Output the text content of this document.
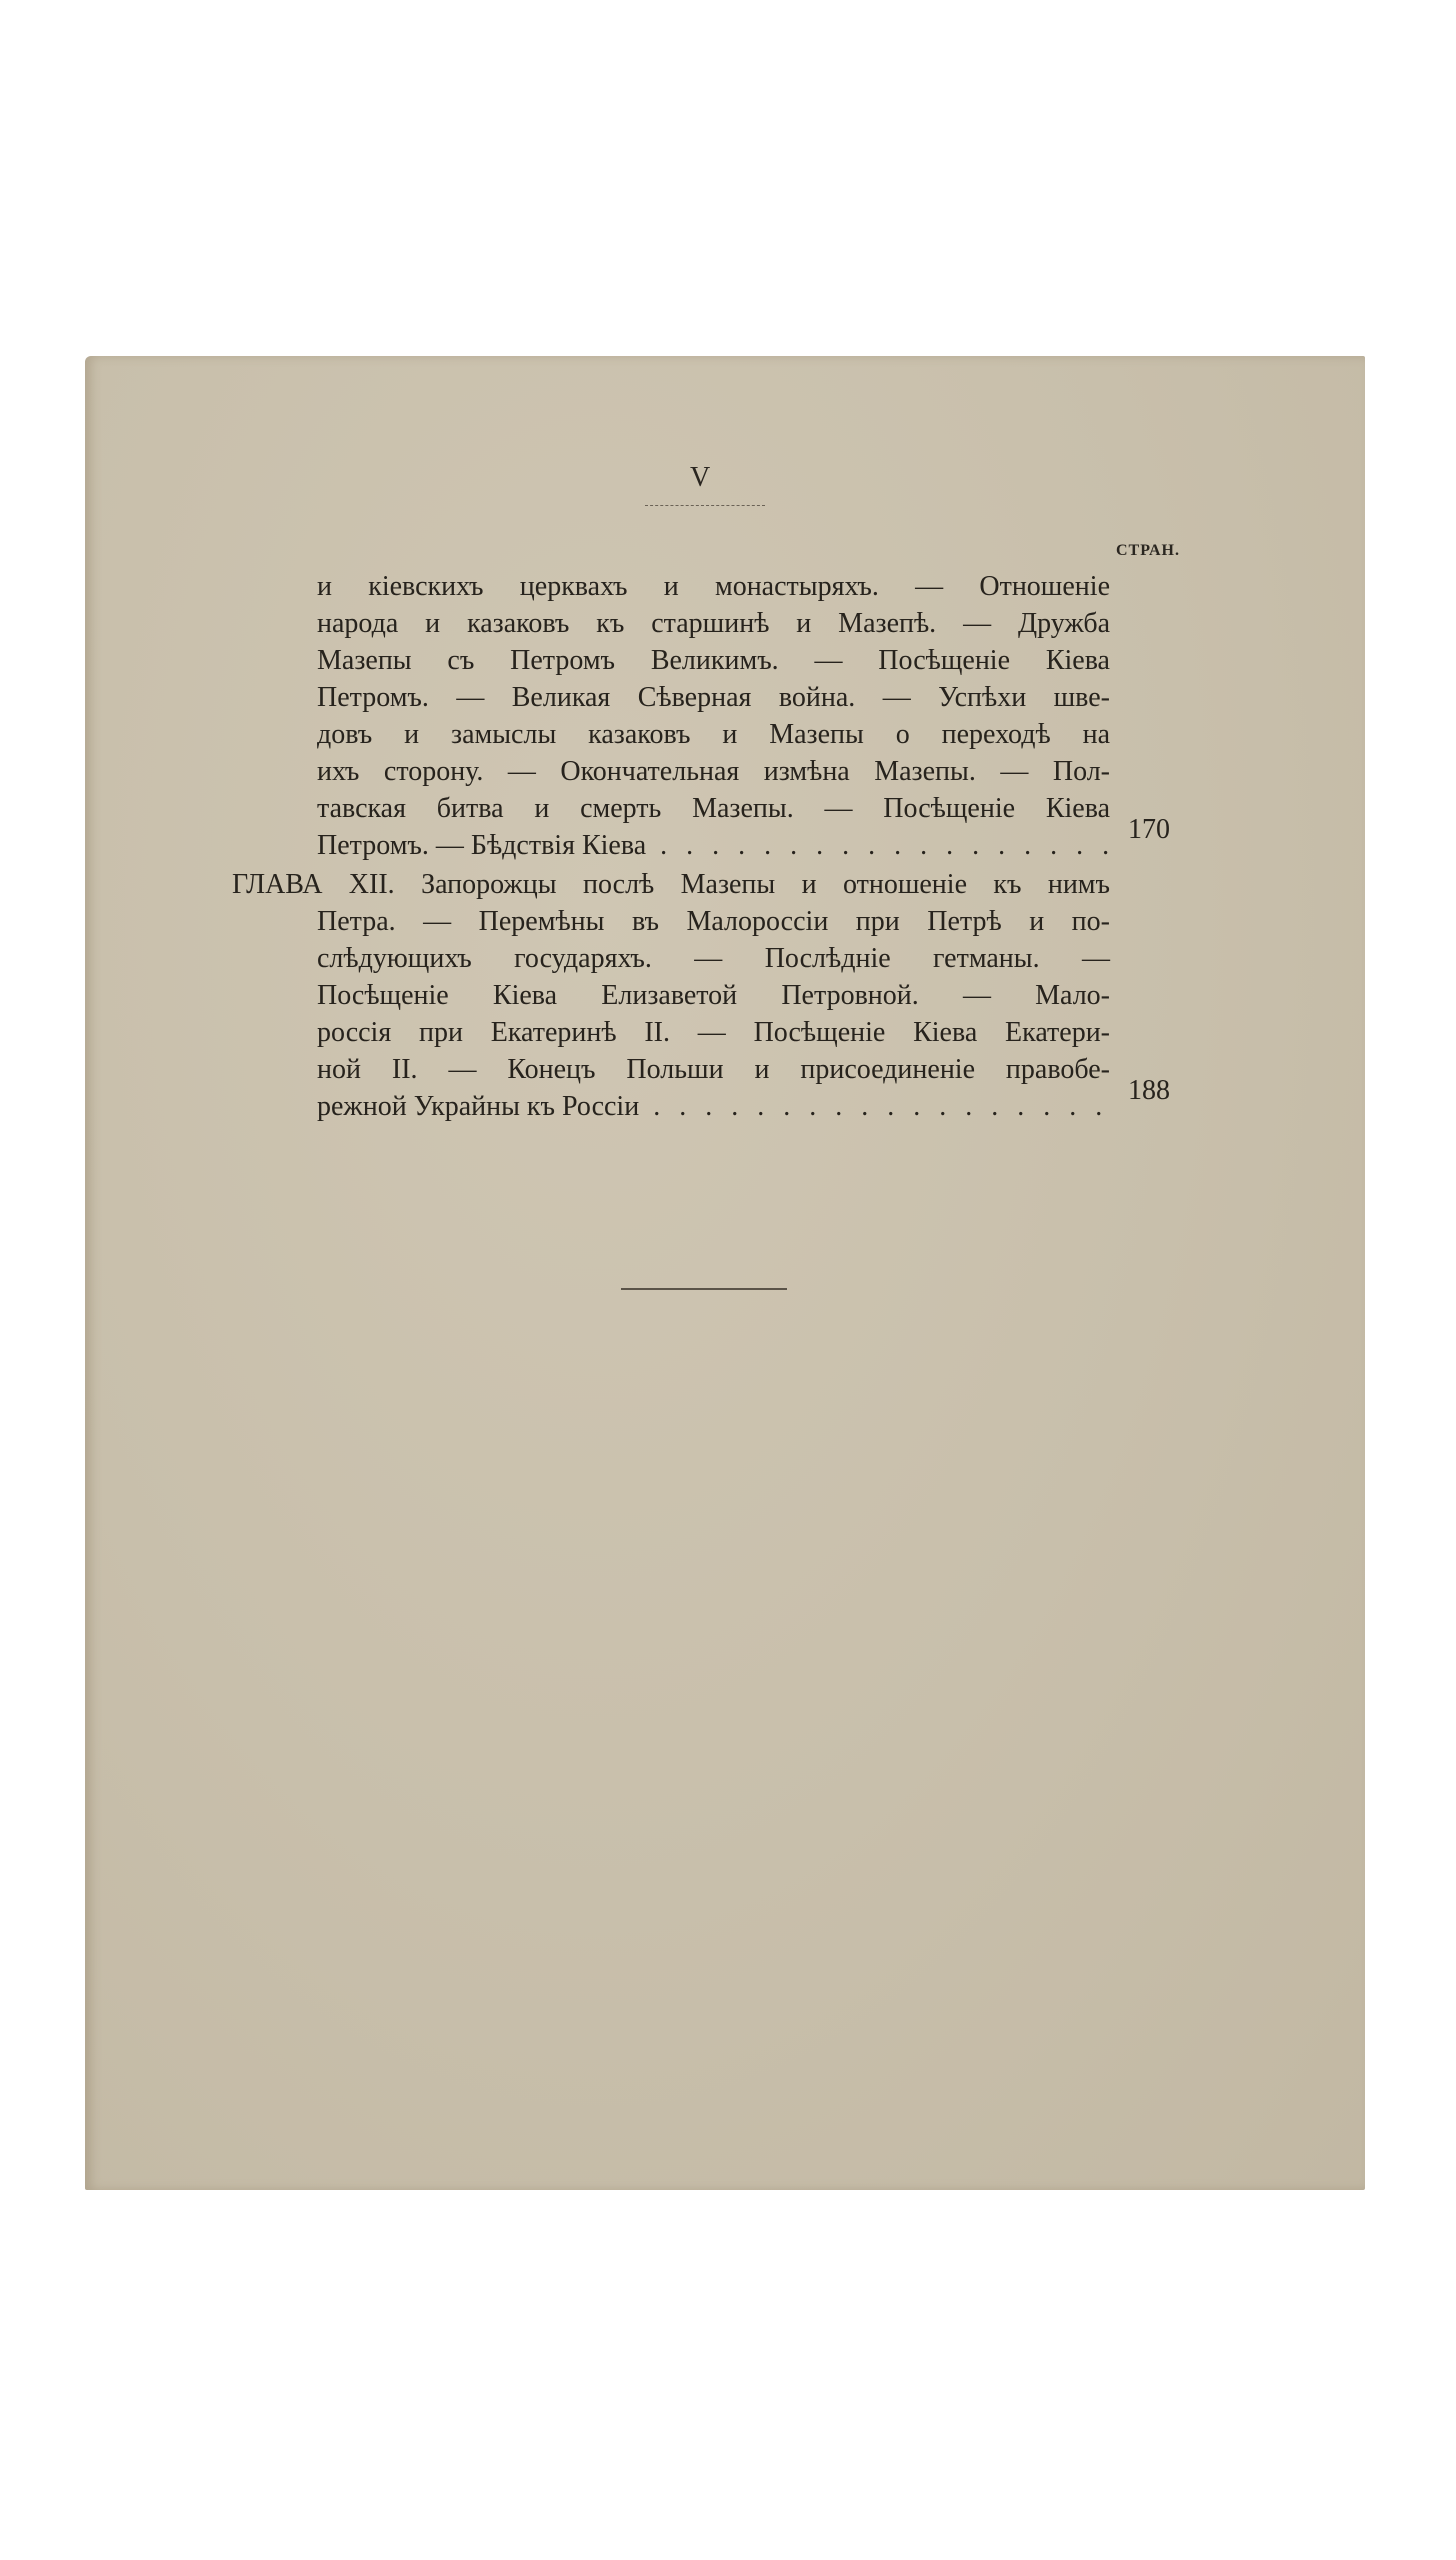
V
СТРАН.
и кіевскихъ церквахъ и монастыряхъ. — Отношеніе
народа и казаковъ къ старшинѣ и Мазепѣ. — Дружба
Мазепы съ Петромъ Великимъ. — Посѣщеніе Кіева
Петромъ. — Великая Сѣверная война. — Успѣхи шве-
довъ и замыслы казаковъ и Мазепы о переходѣ на
ихъ сторону. — Окончательная измѣна Мазепы. — Пол-
тавская битва и смерть Мазепы. — Посѣщеніе Кіева
Петромъ. — Бѣдствія Кіева
. . .
170
ГЛАВА XII. Запорожцы послѣ Мазепы и отношеніе къ нимъ
Петра. — Перемѣны въ Малороссіи при Петрѣ и по-
слѣдующихъ государяхъ. — Послѣдніе гетманы. —
Посѣщеніе Кіева Елизаветой Петровной. — Мало-
россія при Екатеринѣ II. — Посѣщеніе Кіева Екатери-
ной II. — Конецъ Польши и присоединеніе правобе-
режной Украйны къ Россіи
. . .
188
